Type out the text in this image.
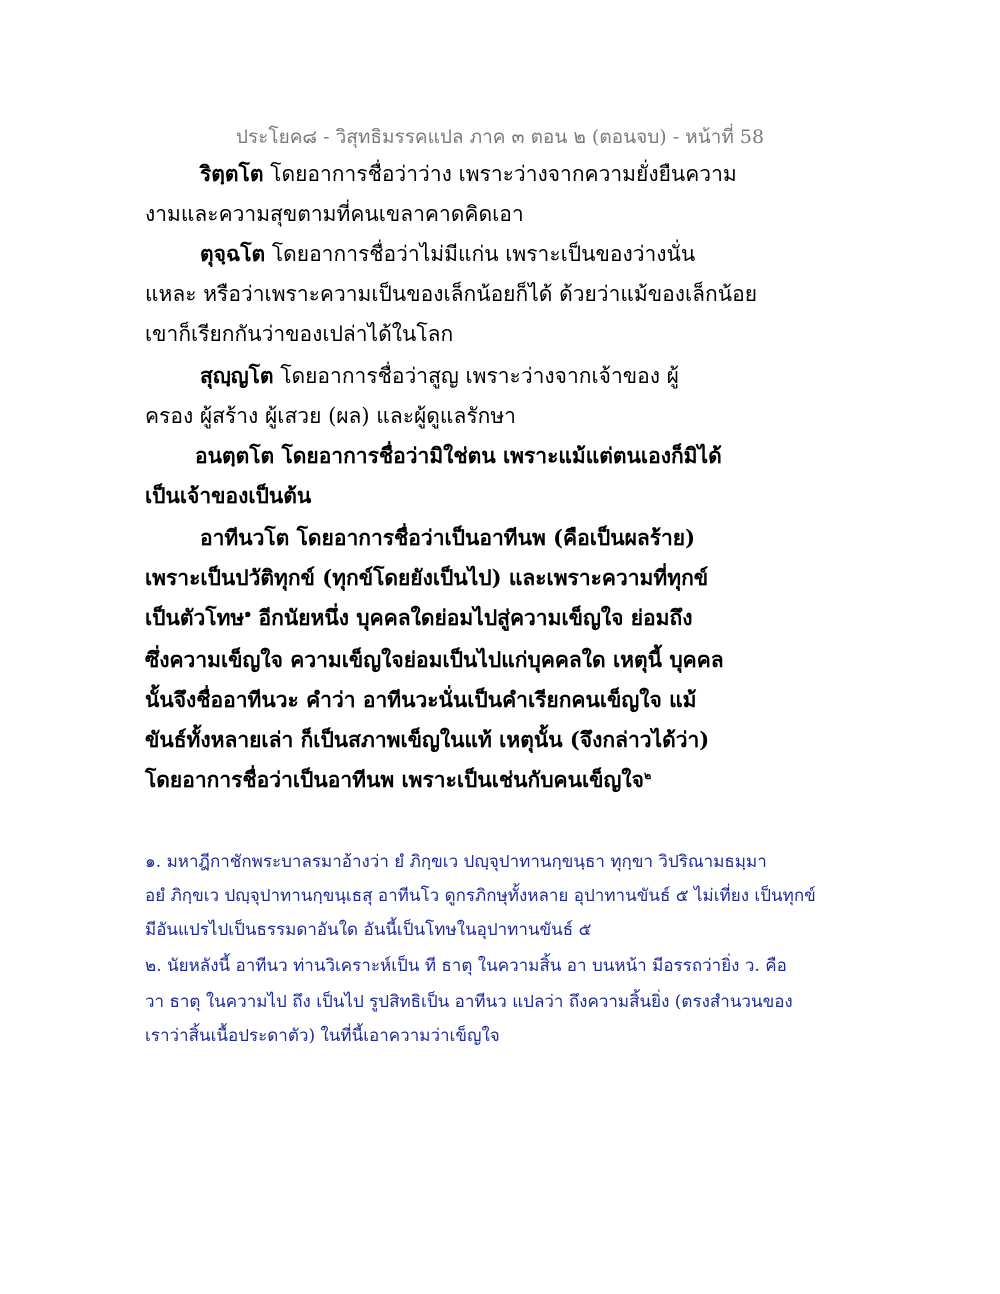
ประโยค๘ - วิสุทธิมรรคแปล ภาค ๓ ตอน ๒ (ตอนจบ) - หน้าที่ 58
ริตฺตโต โดยอาการชื่อว่าว่าง เพราะว่างจากความยั่งยืนความ
งามและความสุขตามที่คนเขลาคาดคิดเอา
ตุจฺฉโต โดยอาการชื่อว่าไม่มีแก่น เพราะเป็นของว่างนั่น
แหละ หรือว่าเพราะความเป็นของเล็กน้อยก็ได้ ด้วยว่าแม้ของเล็กน้อย
เขาก็เรียกกันว่าของเปล่าได้ในโลก
สุญฺญโต โดยอาการชื่อว่าสูญ เพราะว่างจากเจ้าของ ผู้
ครอง ผู้สร้าง ผู้เสวย (ผล) และผู้ดูแลรักษา
อนตฺตโต โดยอาการชื่อว่ามิใช่ตน เพราะแม้แต่ตนเองก็มิได้
เป็นเจ้าของเป็นต้น
อาทีนวโต โดยอาการชื่อว่าเป็นอาทีนพ (คือเป็นผลร้าย)
เพราะเป็นปวัติทุกข์ (ทุกข์โดยยังเป็นไป) และเพราะความที่ทุกข์
เป็นตัวโทษ$^๑$ อีกนัยหนึ่ง บุคคลใดย่อมไปสู่ความเข็ญใจ ย่อมถึง
ซึ่งความเข็ญใจ ความเข็ญใจย่อมเป็นไปแก่บุคคลใด เหตุนี้ บุคคล
นั้นจึงชื่ออาทีนวะ คำว่า อาทีนวะนั่นเป็นคำเรียกคนเข็ญใจ แม้
ขันธ์ทั้งหลายเล่า ก็เป็นสภาพเข็ญในแท้ เหตุนั้น (จึงกล่าวได้ว่า)
โดยอาการชื่อว่าเป็นอาทีนพ เพราะเป็นเช่นกับคนเข็ญใจ$^๒$
๑. มหาฎีกาชักพระบาลรมาอ้างว่า ยํ ภิกฺขเว ปญฺจุปาทานกฺขนฺธา ทุกฺขา วิปริณามธมฺมา
อยํ ภิกฺขเว ปญฺจุปาทานกฺขนฺเธสุ อาทีนโว ดูกรภิกษุทั้งหลาย อุปาทานขันธ์ ๕ ไม่เที่ยง เป็นทุกข์
มีอันแปรไปเป็นธรรมดาอันใด อันนี้เป็นโทษในอุปาทานขันธ์ ๕
๒. นัยหลังนี้ อาทีนว ท่านวิเคราะห์เป็น ที ธาตุ ในความสิ้น อา บนหน้า มีอรรถว่ายิ่ง ว. คือ
วา ธาตุ ในความไป ถึง เป็นไป รูปสิทธิเป็น อาทีนว แปลว่า ถึงความสิ้นยิ่ง (ตรงสำนวนของ
เราว่าสิ้นเนื้อประดาตัว) ในที่นี้เอาความว่าเข็ญใจ
